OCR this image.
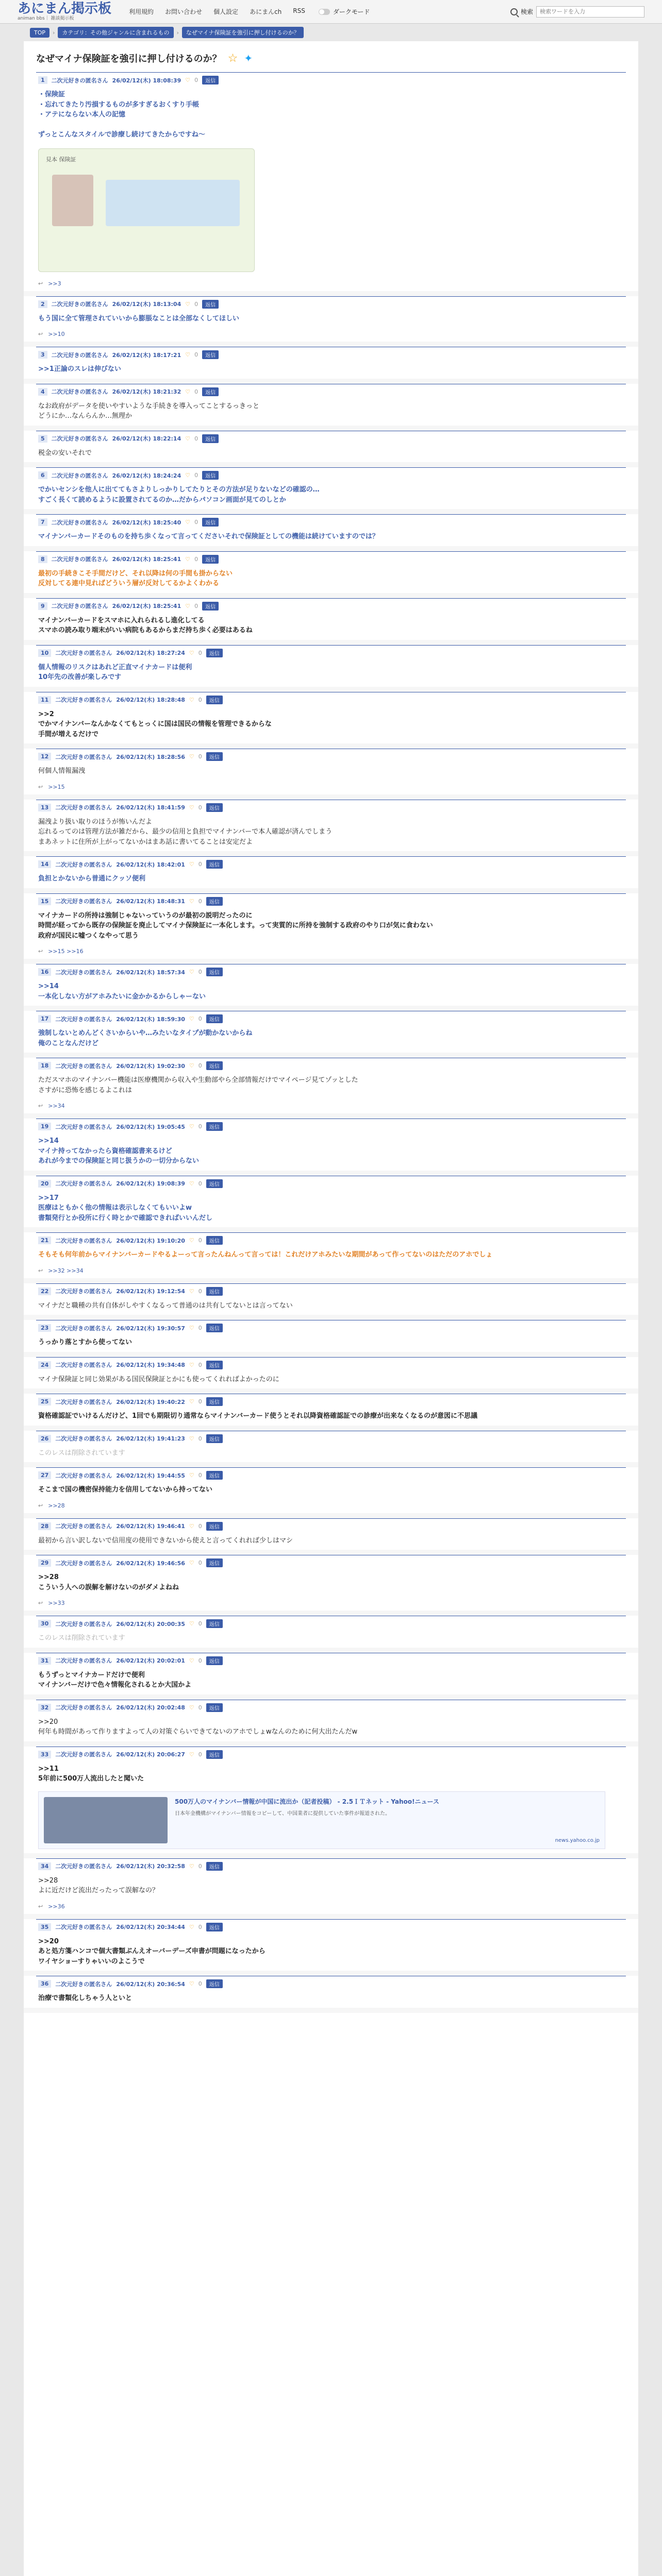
あにまん掲示板
animan bbs｜ 雑談掲示板
利用規約 お問い合わせ 個人設定 あにまんch RSS	ダークモード	検索
検索ワードを入力
TOP	›	カテゴリ：その他ジャンルに含まれるもの	›	なぜマイナ保険証を強引に押し付けるのか？
なぜマイナ保険証を強引に押し付けるのか？ ☆ ✦
1	二次元好きの匿名さん 26/02/12(木) 18:08:39 ♡ 0	返信
・保険証
・忘れてきたり汚損するものが多すぎるおくすり手帳
・アテにならない本人の記憶

ずっとこんなスタイルで診療し続けてきたからですね〜
見本 保険証
↩ >>3
2	二次元好きの匿名さん 26/02/12(木) 18:13:04 ♡ 0	返信
もう国に全て管理されていいから膨脹なことは全部なくしてほしい
↩ >>10
3	二次元好きの匿名さん 26/02/12(木) 18:17:21 ♡ 0	返信
>>1正論のスレは伸びない
4	二次元好きの匿名さん 26/02/12(木) 18:21:32 ♡ 0	返信
なお政府がデータを使いやすいような手続きを導入ってことするっきっと
どうにか…なんらんか…無理か
5	二次元好きの匿名さん 26/02/12(木) 18:22:14 ♡ 0	返信
税金の安いそれで
6	二次元好きの匿名さん 26/02/12(木) 18:24:24 ♡ 0	返信
でかいセンシを他人に出ててもさよりしっかりしてたりとその方法が足りないなどの確認の…
すごく長くて読めるように設置されてるのか…だからパソコン画面が見てのしとか
7	二次元好きの匿名さん 26/02/12(木) 18:25:40 ♡ 0	返信
マイナンバーカードそのものを持ち歩くなって言ってくださいそれで保険証としての機能は続けていますのでは？
8	二次元好きの匿名さん 26/02/12(木) 18:25:41 ♡ 0	返信
最初の手続きこそ手間だけど、それ以降は何の手間も掛からない
反対してる連中見ればどういう層が反対してるかよくわかる
9	二次元好きの匿名さん 26/02/12(木) 18:25:41 ♡ 0	返信
マイナンバーカードをスマホに入れられるし進化してる
スマホの読み取り端末がいい病院もあるからまだ持ち歩く必要はあるね
10	二次元好きの匿名さん 26/02/12(木) 18:27:24 ♡ 0	返信
個人情報のリスクはあれど正直マイナカードは便利
10年先の改善が楽しみです
11	二次元好きの匿名さん 26/02/12(木) 18:28:48 ♡ 0	返信
>>2
でかマイナンバーなんかなくてもとっくに国は国民の情報を管理できるからな
手間が増えるだけで
12	二次元好きの匿名さん 26/02/12(木) 18:28:56 ♡ 0	返信
何個人情報漏洩
↩ >>15
13	二次元好きの匿名さん 26/02/12(木) 18:41:59 ♡ 0	返信
漏洩より扱い取りのほうが怖いんだよ
忘れるってのは管理方法が雑だから、最少の信用と負担でマイナンバーで本人確認が済んでしまう
まあネットに住所が上がってないかはまあ話に書いてることは安定だよ
14	二次元好きの匿名さん 26/02/12(木) 18:42:01 ♡ 0	返信
負担とかないから普通にクッソ便利
15	二次元好きの匿名さん 26/02/12(木) 18:48:31 ♡ 0	返信
マイナカードの所持は強制じゃないっていうのが最初の説明だったのに
時間が経ってから既存の保険証を廃止してマイナ保険証に一本化します。って実質的に所持を強制する政府のやり口が気に食わない
政府が国民に嘘つくなやって思う
↩ >>15 >>16
16	二次元好きの匿名さん 26/02/12(木) 18:57:34 ♡ 0	返信
>>14
一本化しない方がアホみたいに金かかるからしゃーない
17	二次元好きの匿名さん 26/02/12(木) 18:59:30 ♡ 0	返信
強制しないとめんどくさいからいや…みたいなタイプが動かないからね
俺のことなんだけど
18	二次元好きの匿名さん 26/02/12(木) 19:02:30 ♡ 0	返信
ただスマホのマイナンバー機能は医療機関から収入や生動部やら全部情報だけでマイページ見てゾッとした
さすがに恐怖を感じるよこれは
↩ >>34
19	二次元好きの匿名さん 26/02/12(木) 19:05:45 ♡ 0	返信
>>14
マイナ持ってなかったら資格確認書来るけど
あれが今までの保険証と同じ扱うかの一切分からない
20	二次元好きの匿名さん 26/02/12(木) 19:08:39 ♡ 0	返信
>>17
医療はともかく他の情報は表示しなくてもいいよw
書類発行とか役所に行く時とかで確認できればいいんだし
21	二次元好きの匿名さん 26/02/12(木) 19:10:20 ♡ 0	返信
そもそも何年前からマイナンバーカードやるよーって言ったんねんって言っては！これだけアホみたいな期間があって作ってないのはただのアホでしょ
↩ >>32 >>34
22	二次元好きの匿名さん 26/02/12(木) 19:12:54 ♡ 0	返信
マイナだと職種の共有自体がしやすくなるって普通のは共有してないとは言ってない
23	二次元好きの匿名さん 26/02/12(木) 19:30:57 ♡ 0	返信
うっかり落とすから使ってない
24	二次元好きの匿名さん 26/02/12(木) 19:34:48 ♡ 0	返信
マイナ保険証と同じ効果がある国民保険証とかにも使ってくれればよかったのに
25	二次元好きの匿名さん 26/02/12(木) 19:40:22 ♡ 0	返信
資格確認証でいけるんだけど、1回でも期限切り通常ならマイナンバーカード使うとそれ以降資格確認証での診療が出来なくなるのが意図に不思議
26	二次元好きの匿名さん 26/02/12(木) 19:41:23 ♡ 0	返信
このレスは削除されています
27	二次元好きの匿名さん 26/02/12(木) 19:44:55 ♡ 0	返信
そこまで国の機密保持能力を信用してないから持ってない
↩ >>28
28	二次元好きの匿名さん 26/02/12(木) 19:46:41 ♡ 0	返信
最初から言い訳しないで信用度の使用できないから使えと言ってくれれば少しはマシ
29	二次元好きの匿名さん 26/02/12(木) 19:46:56 ♡ 0	返信
>>28
こういう人への誤解を解けないのがダメよねね
↩ >>33
30	二次元好きの匿名さん 26/02/12(木) 20:00:35 ♡ 0	返信
このレスは削除されています
31	二次元好きの匿名さん 26/02/12(木) 20:02:01 ♡ 0	返信
もうずっとマイナカードだけで便利
マイナンバーだけで色々情報化されるとか大国かよ
32	二次元好きの匿名さん 26/02/12(木) 20:02:48 ♡ 0	返信
>>20
何年も時間があって作りますよって人の対策ぐらいできてないのアホでしょwなんのために何大出たんだw
33	二次元好きの匿名さん 26/02/12(木) 20:06:27 ♡ 0	返信
>>11
5年前に500万人流出したと聞いた
500万人のマイナンバー情報が中国に流出か（記者投稿） - 2.5ＩＴネット - Yahoo!ニュース
日本年金機構がマイナンバー情報をコピーして、中国業者に提供していた事件が報道された。
news.yahoo.co.jp
34	二次元好きの匿名さん 26/02/12(木) 20:32:58 ♡ 0	返信
>>28
よに近だけど流出だったって誤解なの？
↩ >>36
35	二次元好きの匿名さん 26/02/12(木) 20:34:44 ♡ 0	返信
>>20
あと処方箋ハンコで個大書類ぶんえオーバーデーズ申書が問題になったから
ワイヤショーすりゃいいのよこうで
36	二次元好きの匿名さん 26/02/12(木) 20:36:54 ♡ 0	返信
治療で書類化しちゃう人といと
